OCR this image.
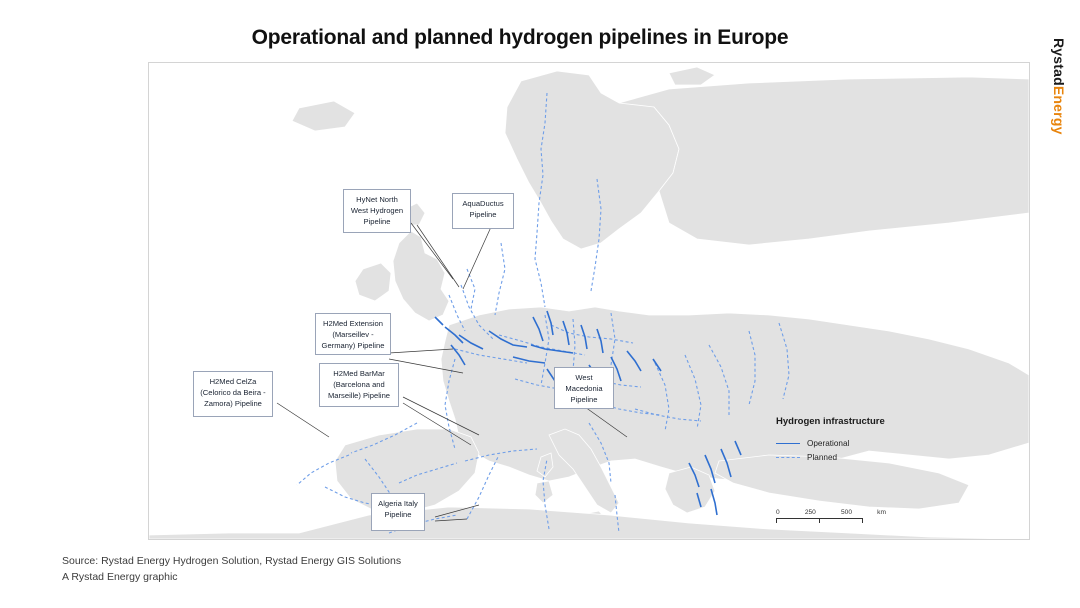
Operational and planned hydrogen pipelines in Europe
RystadEnergy
HyNet North West Hydrogen Pipeline
AquaDuctus Pipeline
H2Med Extension (Marseillev - Germany) Pipeline
H2Med CelZa (Celorico da Beira - Zamora) Pipeline
H2Med BarMar (Barcelona and Marseille) Pipeline
West Macedonia Pipeline
Algeria Italy Pipeline
Hydrogen infrastructure
Operational
Planned
0	250	500	km
Source: Rystad Energy Hydrogen Solution, Rystad Energy GIS Solutions
A Rystad Energy graphic
